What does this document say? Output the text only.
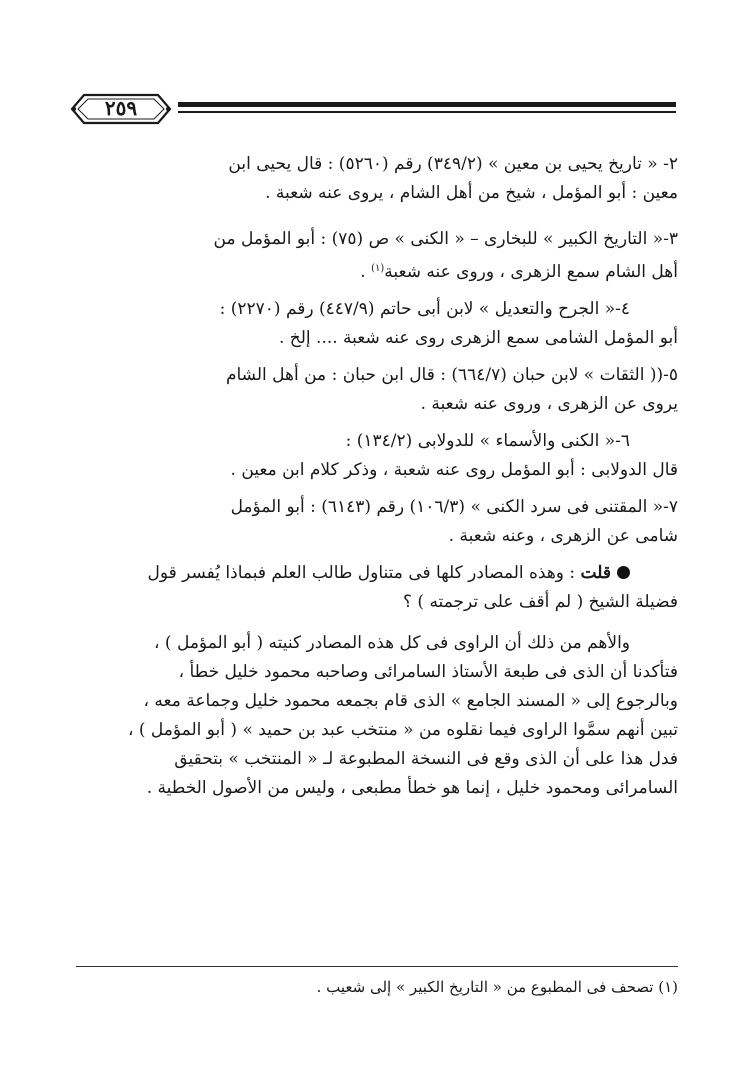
٢٥٩
٢- « تاريخ يحيى بن معين » (٣٤٩/٢) رقم (٥٢٦٠) : قال يحيى ابن
معين : أبو المؤمل ، شيخ من أهل الشام ، يروى عنه شعبة .
٣-« التاريخ الكبير » للبخارى – « الكنى » ص (٧٥) : أبو المؤمل من
أهل الشام سمع الزهرى ، وروى عنه شعبة$^{(١)}$ .
٤-« الجرح والتعديل » لابن أبى حاتم (٤٤٧/٩) رقم (٢٢٧٠) :
أبو المؤمل الشامى سمع الزهرى روى عنه شعبة .... إلخ .
٥-(( الثقات » لابن حبان (٦٦٤/٧) : قال ابن حبان : من أهل الشام
يروى عن الزهرى ، وروى عنه شعبة .
٦-« الكنى والأسماء » للدولابى (١٣٤/٢) :
قال الدولابى : أبو المؤمل روى عنه شعبة ، وذكر كلام ابن معين .
٧-« المقتنى فى سرد الكنى » (١٠٦/٣) رقم (٦١٤٣) : أبو المؤمل
شامى عن الزهرى ، وعنه شعبة .
قلت : وهذه المصادر كلها فى متناول طالب العلم فبماذا يُفسر قول
فضيلة الشيخ ( لم أقف على ترجمته ) ؟
والأهم من ذلك أن الراوى فى كل هذه المصادر كنيته ( أبو المؤمل ) ،
فتأكدنا أن الذى فى طبعة الأستاذ السامرائى وصاحبه محمود خليل خطأ ،
وبالرجوع إلى « المسند الجامع » الذى قام بجمعه محمود خليل وجماعة معه ،
تبين أنهم سمَّوا الراوى فيما نقلوه من « منتخب عبد بن حميد » ( أبو المؤمل ) ،
فدل هذا على أن الذى وقع فى النسخة المطبوعة لـ « المنتخب » بتحقيق
السامرائى ومحمود خليل ، إنما هو خطأ مطبعى ، وليس من الأصول الخطية .
(١) تصحف فى المطبوع من « التاريخ الكبير » إلى شعيب .
